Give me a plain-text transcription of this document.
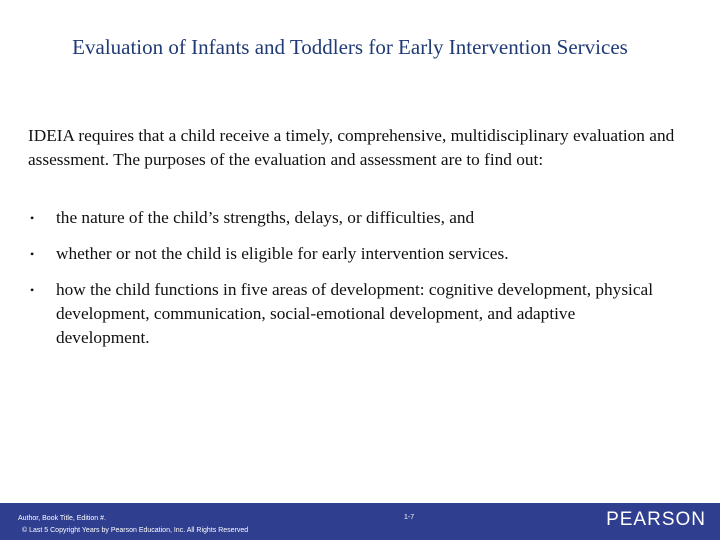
Evaluation of Infants and Toddlers for Early Intervention Services
IDEIA requires that a child receive a timely, comprehensive, multidisciplinary evaluation and assessment. The purposes of the evaluation and assessment are to find out:
• the nature of the child’s strengths, delays, or difficulties, and
• whether or not the child is eligible for early intervention services.
• how the child functions in five areas of development: cognitive development, physical development, communication, social-emotional development, and adaptive development.
Author, Book Title, Edition #.
© Last 5 Copyright Years by Pearson Education, Inc. All Rights Reserved
1-7	PEARSON
